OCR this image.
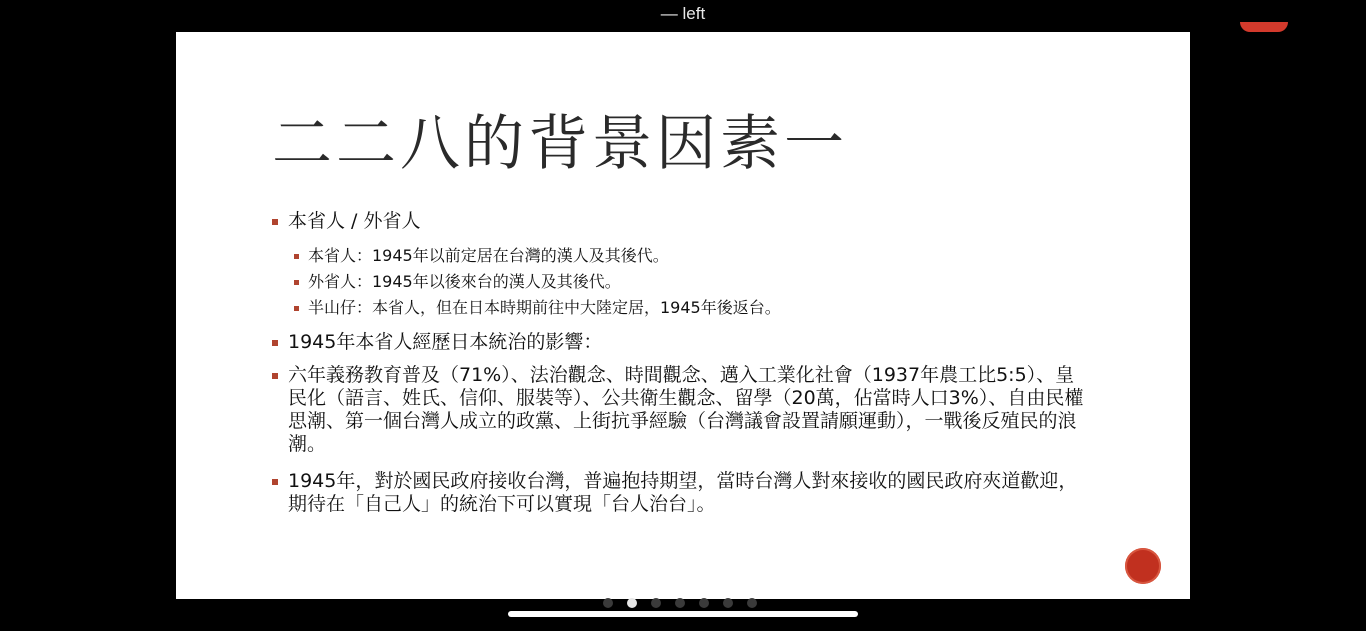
— left
二二八的背景因素一
本省人 / 外省人
本省人：1945年以前定居在台灣的漢人及其後代。
外省人：1945年以後來台的漢人及其後代。
半山仔：本省人，但在日本時期前往中大陸定居，1945年後返台。
1945年本省人經歷日本統治的影響：
六年義務教育普及（71%）、法治觀念、時間觀念、邁入工業化社會（1937年農工比5:5）、皇民化（語言、姓氏、信仰、服裝等）、公共衛生觀念、留學（20萬，佔當時人口3%）、自由民權思潮、第一個台灣人成立的政黨、上街抗爭經驗（台灣議會設置請願運動），一戰後反殖民的浪潮。
1945年，對於國民政府接收台灣，普遍抱持期望，當時台灣人對來接收的國民政府夾道歡迎，期待在「自己人」的統治下可以實現「台人治台」。
